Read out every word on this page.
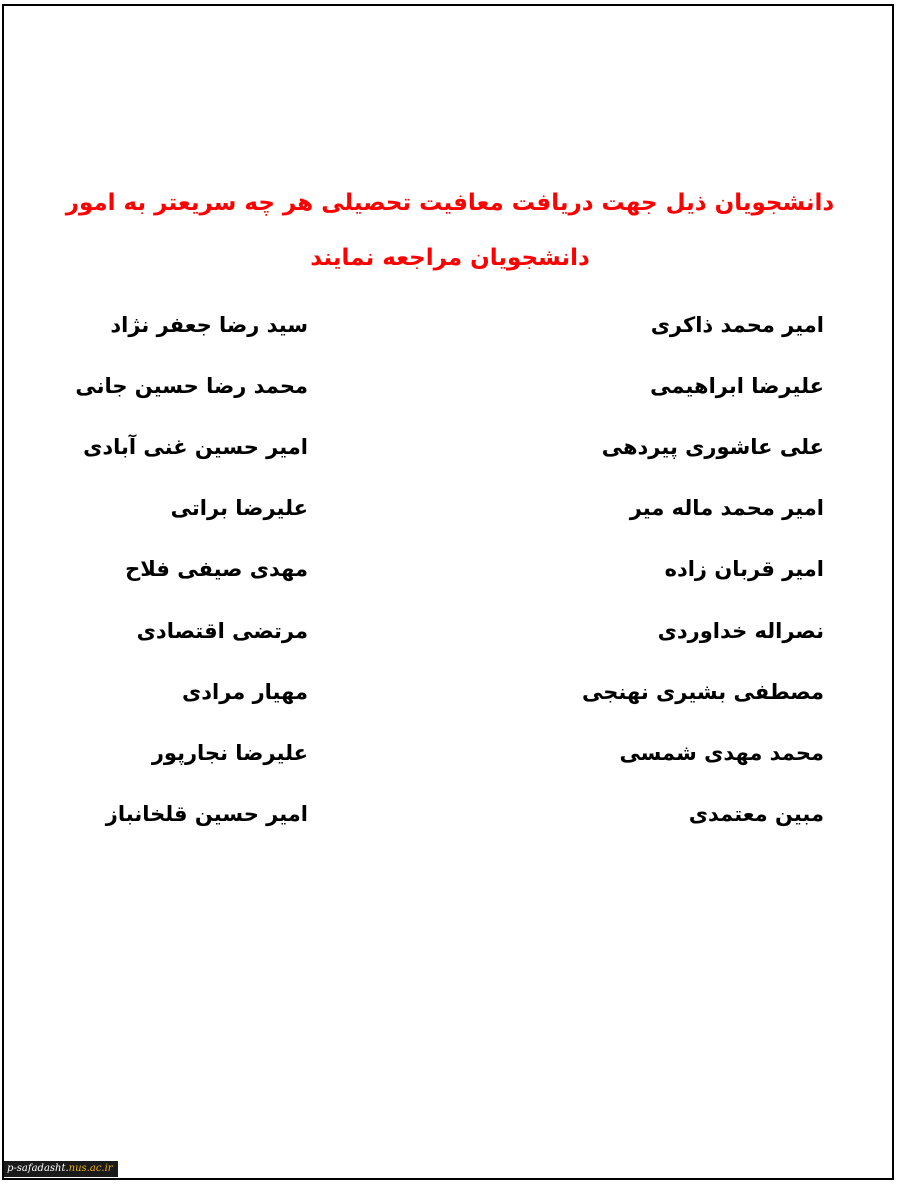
دانشجویان ذیل جهت دریافت معافیت تحصیلی هر چه سریعتر به امور
دانشجویان مراجعه نمایند
امیر محمد ذاکری
علیرضا ابراهیمی
علی عاشوری پیردهی
امیر محمد ماله میر
امیر قربان زاده
نصراله خداوردی
مصطفی بشیری نهنجی
محمد مهدی شمسی
مبین معتمدی
سید رضا جعفر نژاد
محمد رضا حسین جانی
امیر حسین غنی آبادی
علیرضا براتی
مهدی صیفی فلاح
مرتضی اقتصادی
مهیار مرادی
علیرضا نجارپور
امیر حسین قلخانباز
p-safadasht.nus.ac.ir
